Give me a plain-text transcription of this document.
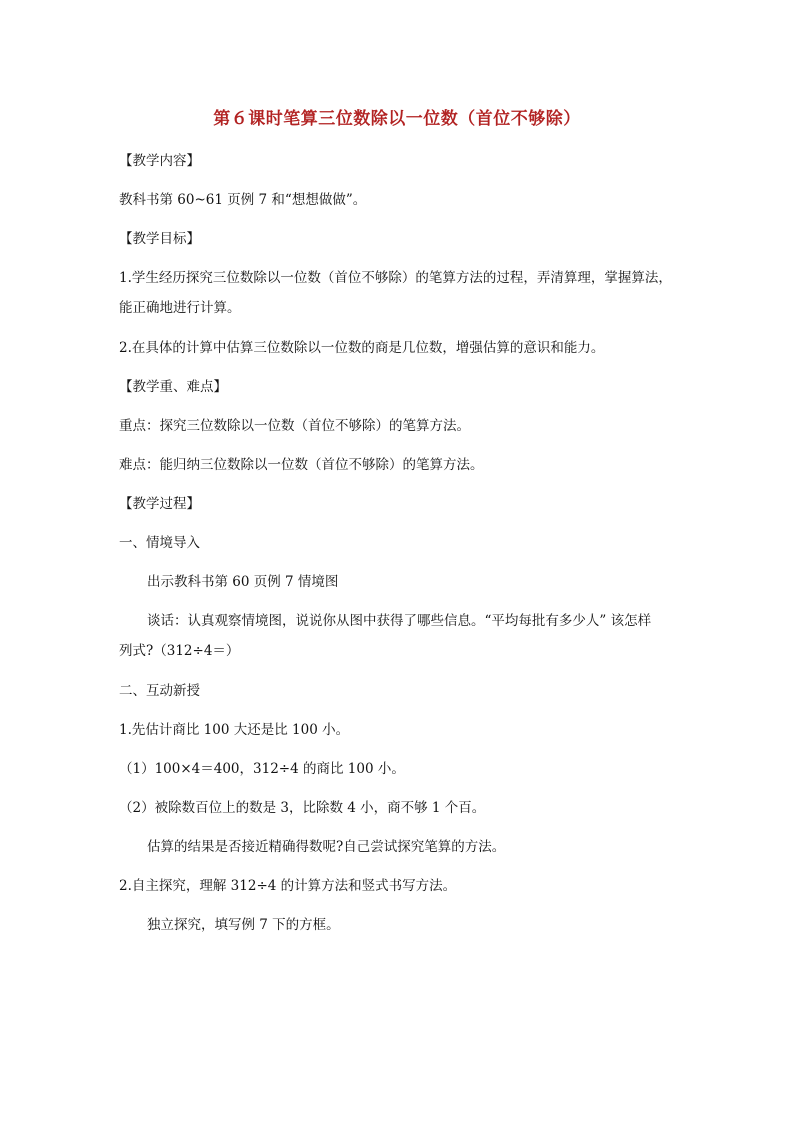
第６课时笔算三位数除以一位数（首位不够除）
【教学内容】
教科书第 60~61 页例 7 和“想想做做”。
【教学目标】
1.学生经历探究三位数除以一位数（首位不够除）的笔算方法的过程，弄清算理，掌握算法，
能正确地进行计算。
2.在具体的计算中估算三位数除以一位数的商是几位数，增强估算的意识和能力。
【教学重、难点】
重点：探究三位数除以一位数（首位不够除）的笔算方法。
难点：能归纳三位数除以一位数（首位不够除）的笔算方法。
【教学过程】
一、情境导入
出示教科书第 60 页例 7 情境图
谈话：认真观察情境图，说说你从图中获得了哪些信息。“平均每批有多少人” 该怎样
列式?（312÷4＝）
二、互动新授
1.先估计商比 100 大还是比 100 小。
（1）100×4＝400，312÷4 的商比 100 小。
（2）被除数百位上的数是 3，比除数 4 小，商不够 1 个百。
估算的结果是否接近精确得数呢?自己尝试探究笔算的方法。
2.自主探究，理解 312÷4 的计算方法和竖式书写方法。
独立探究，填写例 7 下的方框。
